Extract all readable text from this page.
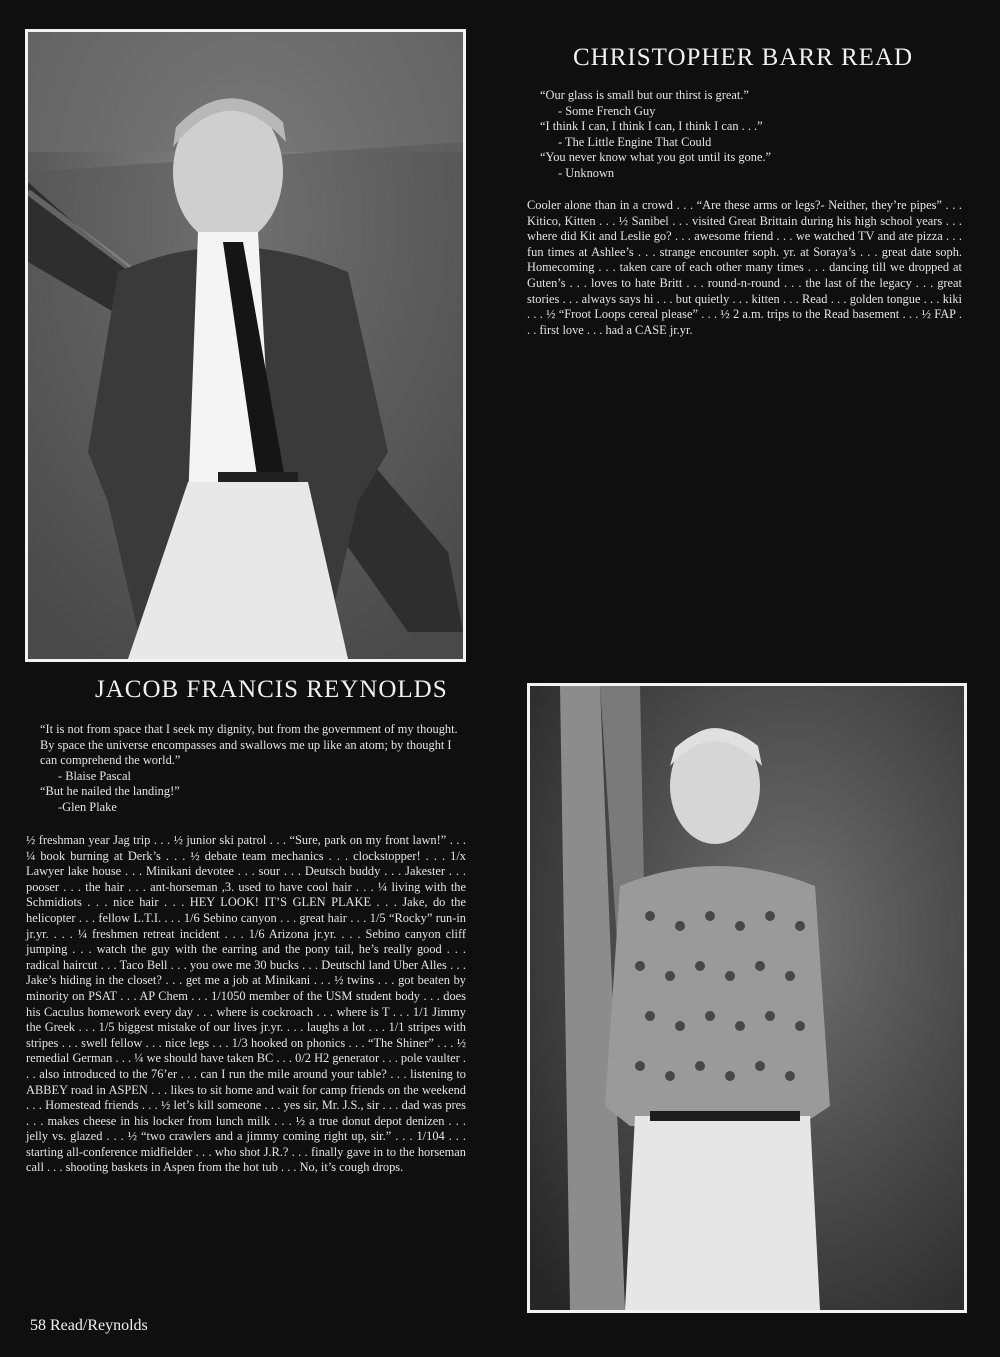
CHRISTOPHER BARR READ
“Our glass is small but our thirst is great.”
- Some French Guy
“I think I can, I think I can, I think I can . . .”
- The Little Engine That Could
“You never know what you got until its gone.”
- Unknown

Cooler alone than in a crowd . . . “Are these arms or legs?- Neither, they’re pipes” . . . Kitico, Kitten . . . ½ Sanibel . . . visited Great Brittain during his high school years . . . where did Kit and Leslie go? . . . awesome friend . . . we watched TV and ate pizza . . . fun times at Ashlee’s . . . strange encounter soph. yr. at Soraya’s . . . great date soph. Homecoming . . . taken care of each other many times . . . dancing till we dropped at Guten’s . . . loves to hate Britt . . . round-n-round . . . the last of the legacy . . . great stories . . . always says hi . . . but quietly . . . kitten . . . Read . . . golden tongue . . . kiki . . . ½ “Froot Loops cereal please” . . . ½ 2 a.m. trips to the Read basement . . . ½ FAP . . . first love . . . had a CASE jr.yr.

JACOB FRANCIS REYNOLDS
“It is not from space that I seek my dignity, but from the government of my thought. By space the universe encompasses and swallows me up like an atom; by thought I can comprehend the world.”
- Blaise Pascal
“But he nailed the landing!”
-Glen Plake

½ freshman year Jag trip . . . ½ junior ski patrol . . . “Sure, park on my front lawn!” . . . ¼ book burning at Derk’s . . . ½ debate team mechanics . . . clockstopper! . . . 1/x Lawyer lake house . . . Minikani devotee . . . sour . . . Deutsch buddy . . . Jakester . . . pooser . . . the hair . . . ant-horseman ,3. used to have cool hair . . . ¼ living with the Schmidiots . . . nice hair . . . HEY LOOK! IT’S GLEN PLAKE . . . Jake, do the helicopter . . . fellow L.T.I. . . . 1/6 Sebino canyon . . . great hair . . . 1/5 “Rocky” run-in jr.yr. . . . ¼ freshmen retreat incident . . . 1/6 Arizona jr.yr. . . . Sebino canyon cliff jumping . . . watch the guy with the earring and the pony tail, he’s really good . . . radical haircut . . . Taco Bell . . . you owe me 30 bucks . . . Deutschl land Uber Alles . . . Jake’s hiding in the closet? . . . get me a job at Minikani . . . ½ twins . . . got beaten by minority on PSAT . . . AP Chem . . . 1/1050 member of the USM student body . . . does his Caculus homework every day . . . where is cockroach . . . where is T . . . 1/1 Jimmy the Greek . . . 1/5 biggest mistake of our lives jr.yr. . . . laughs a lot . . . 1/1 stripes with stripes . . . swell fellow . . . nice legs . . . 1/3 hooked on phonics . . . “The Shiner” . . . ½ remedial German . . . ¼ we should have taken BC . . . 0/2 H2 generator . . . pole vaulter . . . also introduced to the 76’er . . . can I run the mile around your table? . . . listening to ABBEY road in ASPEN . . . likes to sit home and wait for camp friends on the weekend . . . Homestead friends . . . ½ let’s kill someone . . . yes sir, Mr. J.S., sir . . . dad was pres . . . makes cheese in his locker from lunch milk . . . ½ a true donut depot denizen . . . jelly vs. glazed . . . ½ “two crawlers and a jimmy coming right up, sir.” . . . 1/104 . . . starting all-conference midfielder . . . who shot J.R.? . . . finally gave in to the horseman call . . . shooting baskets in Aspen from the hot tub . . . No, it’s cough drops.

58 Read/Reynolds
